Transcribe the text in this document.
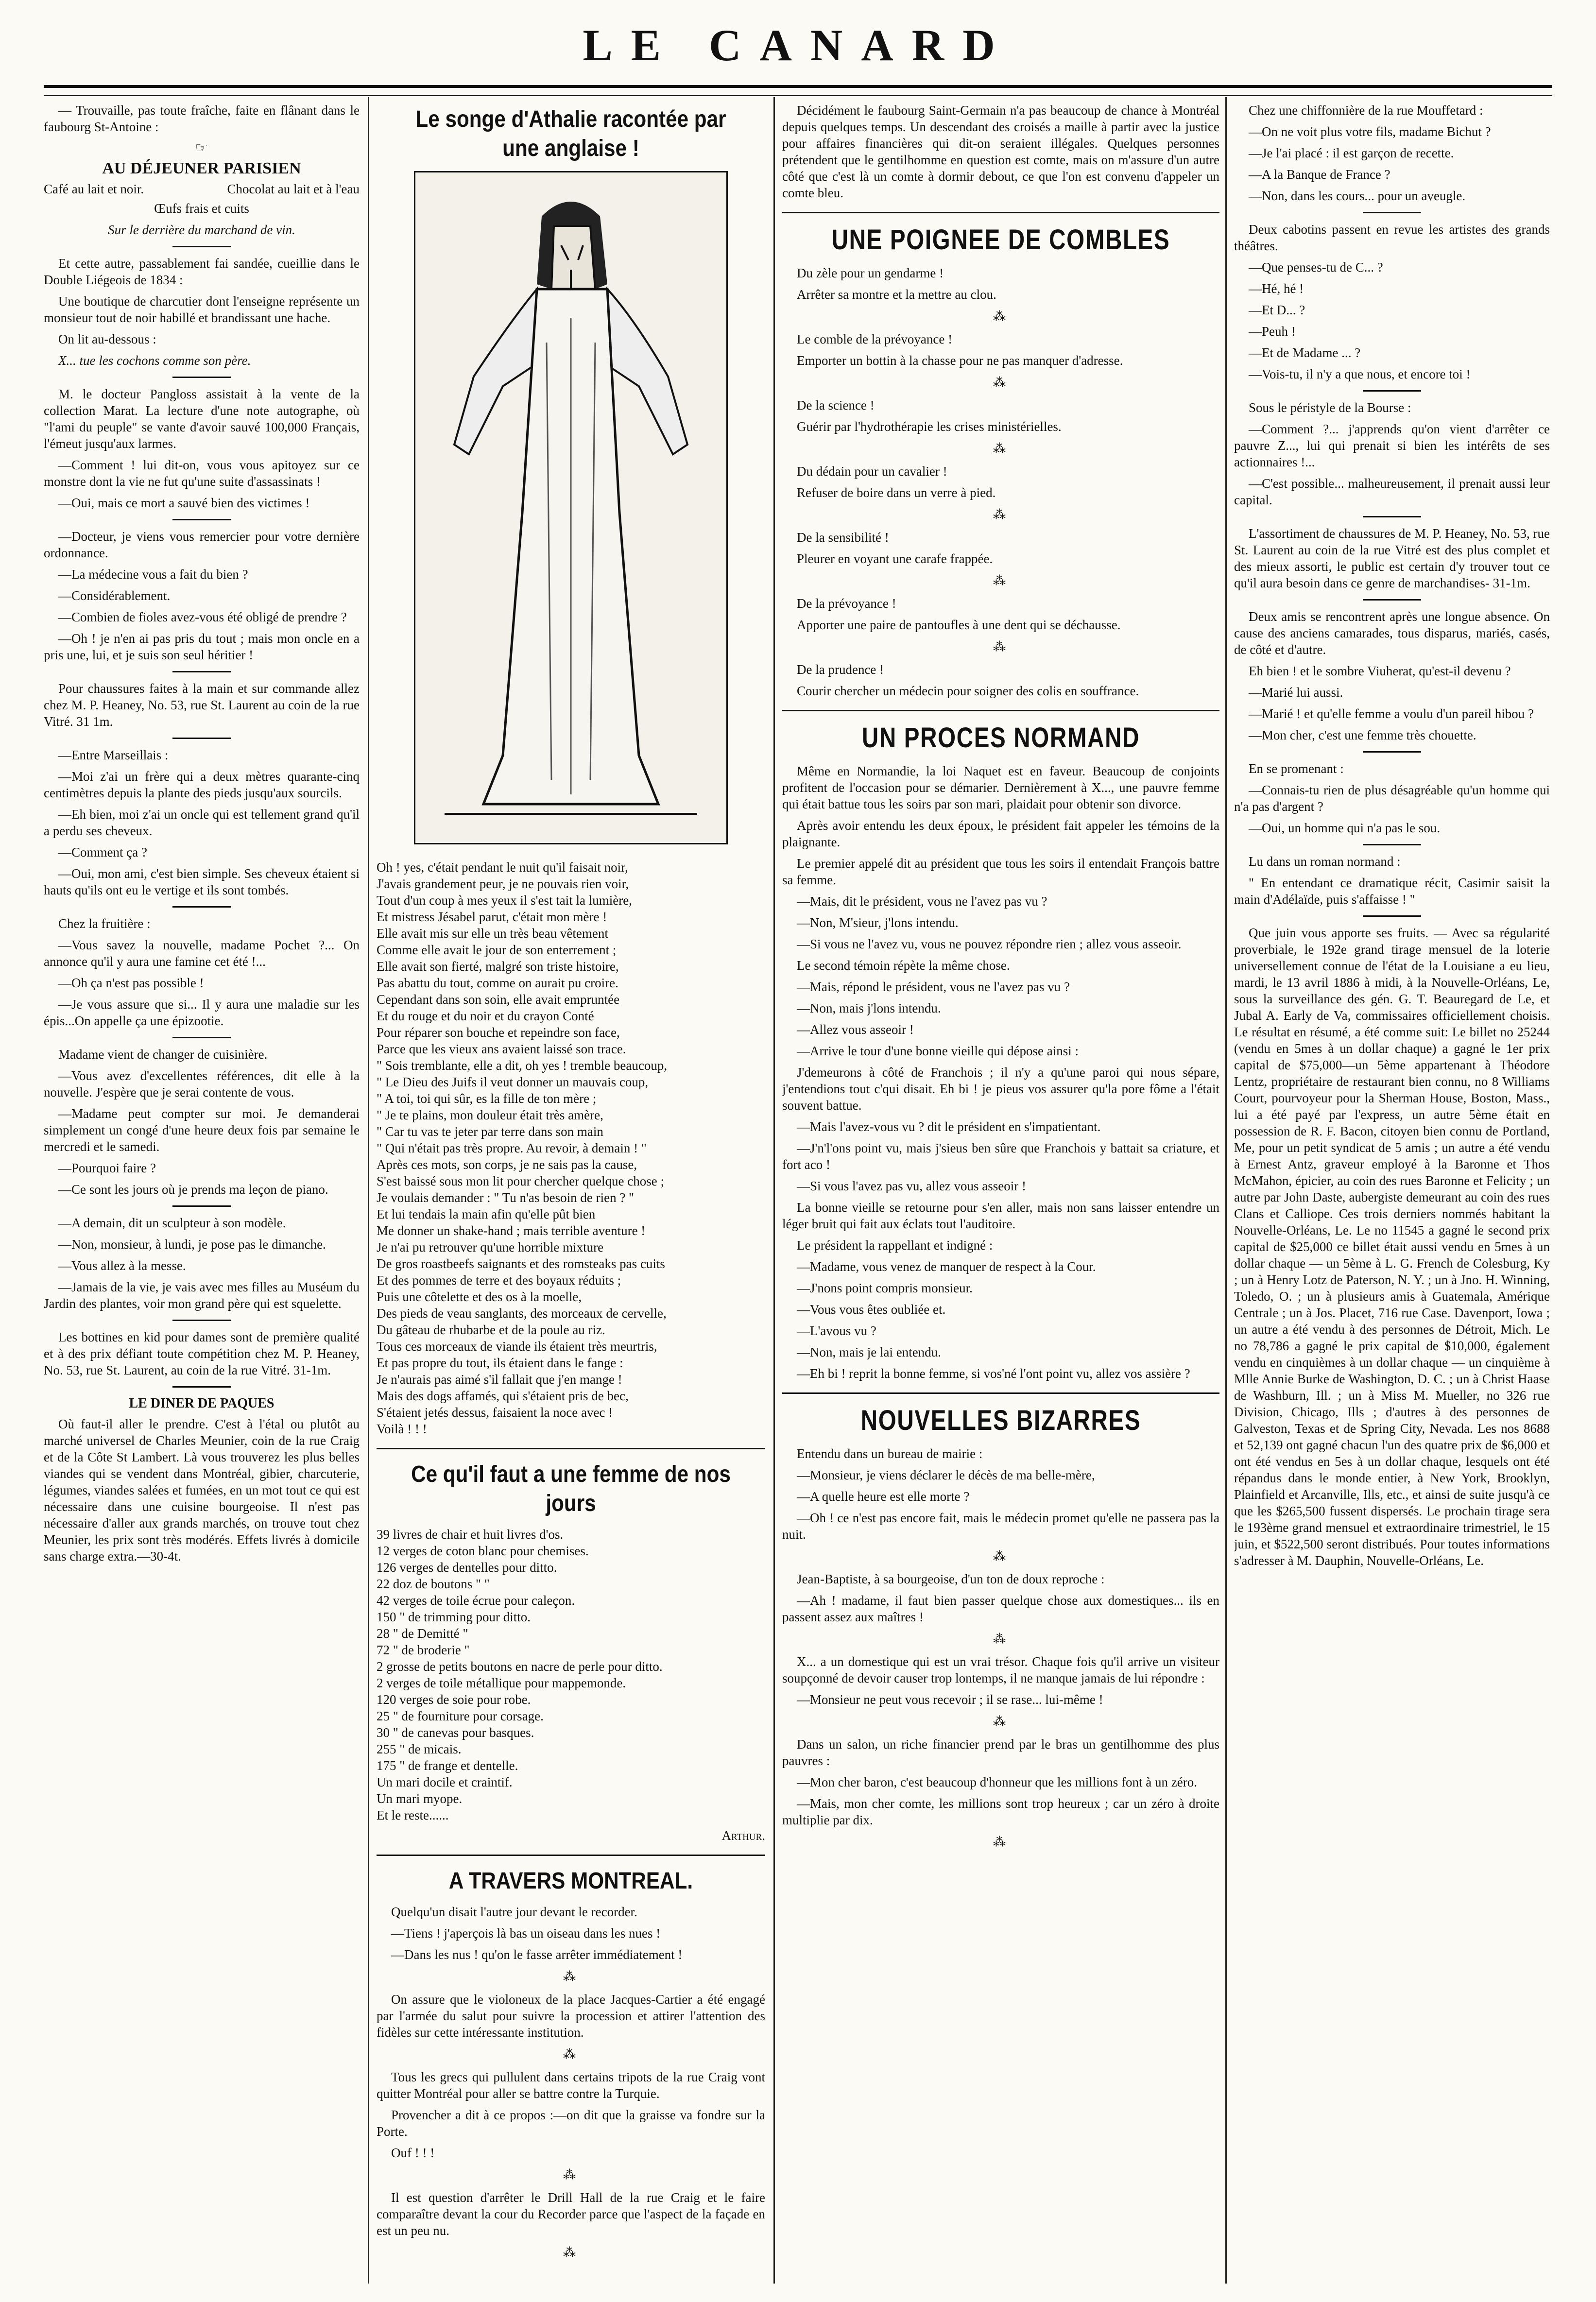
LE CANARD

— Trouvaille, pas toute fraîche, faite en flânant dans le faubourg St-Antoine :

☞
AU DÉJEUNER PARISIEN
Café au lait et noir.	Chocolat au lait et à l'eau

Œufs frais et cuits

Sur le derrière du marchand de vin.

Et cette autre, passablement fai sandée, cueillie dans le Double Liégeois de 1834 :

Une boutique de charcutier dont l'enseigne représente un monsieur tout de noir habillé et brandissant une hache.

On lit au-dessous :

X... tue les cochons comme son père.

M. le docteur Pangloss assistait à la vente de la collection Marat. La lecture d'une note autographe, où "l'ami du peuple" se vante d'avoir sauvé 100,000 Français, l'émeut jusqu'aux larmes.

—Comment ! lui dit-on, vous vous apitoyez sur ce monstre dont la vie ne fut qu'une suite d'assassinats !

—Oui, mais ce mort a sauvé bien des victimes !

—Docteur, je viens vous remercier pour votre dernière ordonnance.

—La médecine vous a fait du bien ?

—Considérablement.

—Combien de fioles avez-vous été obligé de prendre ?

—Oh ! je n'en ai pas pris du tout ; mais mon oncle en a pris une, lui, et je suis son seul héritier !

Pour chaussures faites à la main et sur commande allez chez M. P. Heaney, No. 53, rue St. Laurent au coin de la rue Vitré. 31 1m.

—Entre Marseillais :

—Moi z'ai un frère qui a deux mètres quarante-cinq centimètres depuis la plante des pieds jusqu'aux sourcils.

—Eh bien, moi z'ai un oncle qui est tellement grand qu'il a perdu ses cheveux.

—Comment ça ?

—Oui, mon ami, c'est bien simple. Ses cheveux étaient si hauts qu'ils ont eu le vertige et ils sont tombés.

Chez la fruitière :

—Vous savez la nouvelle, madame Pochet ?... On annonce qu'il y aura une famine cet été !...

—Oh ça n'est pas possible !

—Je vous assure que si... Il y aura une maladie sur les épis...On appelle ça une épizootie.

Madame vient de changer de cuisinière.

—Vous avez d'excellentes références, dit elle à la nouvelle. J'espère que je serai contente de vous.

—Madame peut compter sur moi. Je demanderai simplement un congé d'une heure deux fois par semaine le mercredi et le samedi.

—Pourquoi faire ?

—Ce sont les jours où je prends ma leçon de piano.

—A demain, dit un sculpteur à son modèle.

—Non, monsieur, à lundi, je pose pas le dimanche.

—Vous allez à la messe.

—Jamais de la vie, je vais avec mes filles au Muséum du Jardin des plantes, voir mon grand père qui est squelette.

Les bottines en kid pour dames sont de première qualité et à des prix défiant toute compétition chez M. P. Heaney, No. 53, rue St. Laurent, au coin de la rue Vitré. 31-1m.

LE DINER DE PAQUES

Où faut-il aller le prendre. C'est à l'étal ou plutôt au marché universel de Charles Meunier, coin de la rue Craig et de la Côte St Lambert. Là vous trouverez les plus belles viandes qui se vendent dans Montréal, gibier, charcuterie, légumes, viandes salées et fumées, en un mot tout ce qui est nécessaire dans une cuisine bourgeoise. Il n'est pas nécessaire d'aller aux grands marchés, on trouve tout chez Meunier, les prix sont très modérés. Effets livrés à domicile sans charge extra.—30-4t.

Le songe d'Athalie racontée par une anglaise !

Oh ! yes, c'était pendant le nuit qu'il faisait noir,

J'avais grandement peur, je ne pouvais rien voir,

Tout d'un coup à mes yeux il s'est tait la lumière,

Et mistress Jésabel parut, c'était mon mère !

Elle avait mis sur elle un très beau vêtement

Comme elle avait le jour de son enterrement ;

Elle avait son fierté, malgré son triste histoire,

Pas abattu du tout, comme on aurait pu croire.

Cependant dans son soin, elle avait empruntée

Et du rouge et du noir et du crayon Conté

Pour réparer son bouche et repeindre son face,

Parce que les vieux ans avaient laissé son trace.

" Sois tremblante, elle a dit, oh yes ! tremble beaucoup,

" Le Dieu des Juifs il veut donner un mauvais coup,

" A toi, toi qui sûr, es la fille de ton mère ;

" Je te plains, mon douleur était très amère,

" Car tu vas te jeter par terre dans son main

" Qui n'était pas très propre. Au revoir, à demain ! "

Après ces mots, son corps, je ne sais pas la cause,

S'est baissé sous mon lit pour chercher quelque chose ;

Je voulais demander : " Tu n'as besoin de rien ? "

Et lui tendais la main afin qu'elle pût bien

Me donner un shake-hand ; mais terrible aventure !

Je n'ai pu retrouver qu'une horrible mixture

De gros roastbeefs saignants et des romsteaks pas cuits

Et des pommes de terre et des boyaux réduits ;

Puis une côtelette et des os à la moelle,

Des pieds de veau sanglants, des morceaux de cervelle,

Du gâteau de rhubarbe et de la poule au riz.

Tous ces morceaux de viande ils étaient très meurtris,

Et pas propre du tout, ils étaient dans le fange :

Je n'aurais pas aimé s'il fallait que j'en mange !

Mais des dogs affamés, qui s'étaient pris de bec,

S'étaient jetés dessus, faisaient la noce avec !

Voilà ! ! !

Ce qu'il faut a une femme de nos jours

39 livres de chair et huit livres d'os.

12 verges de coton blanc pour chemises.

126 verges de dentelles pour ditto.

22 doz de boutons " "

42 verges de toile écrue pour caleçon.

150 " de trimming pour ditto.

28 " de Demitté "

72 " de broderie "

2 grosse de petits boutons en nacre de perle pour ditto.

2 verges de toile métallique pour mappemonde.

120 verges de soie pour robe.

25 " de fourniture pour corsage.

30 " de canevas pour basques.

255 " de micais.

175 " de frange et dentelle.

Un mari docile et craintif.

Un mari myope.

Et le reste......

Arthur.

A TRAVERS MONTREAL.

Quelqu'un disait l'autre jour devant le recorder.

—Tiens ! j'aperçois là bas un oiseau dans les nues !

—Dans les nus ! qu'on le fasse arrêter immédiatement !

⁂

On assure que le violoneux de la place Jacques-Cartier a été engagé par l'armée du salut pour suivre la procession et attirer l'attention des fidèles sur cette intéressante institution.

⁂

Tous les grecs qui pullulent dans certains tripots de la rue Craig vont quitter Montréal pour aller se battre contre la Turquie.

Provencher a dit à ce propos :—on dit que la graisse va fondre sur la Porte.

Ouf ! ! !

⁂

Il est question d'arrêter le Drill Hall de la rue Craig et le faire comparaître devant la cour du Recorder parce que l'aspect de la façade en est un peu nu.

⁂

Décidément le faubourg Saint-Germain n'a pas beaucoup de chance à Montréal depuis quelques temps. Un descendant des croisés a maille à partir avec la justice pour affaires financières qui dit-on seraient illégales. Quelques personnes prétendent que le gentilhomme en question est comte, mais on m'assure d'un autre côté que c'est là un comte à dormir debout, ce que l'on est convenu d'appeler un comte bleu.

UNE POIGNEE DE COMBLES

Du zèle pour un gendarme !

Arrêter sa montre et la mettre au clou.

⁂

Le comble de la prévoyance !

Emporter un bottin à la chasse pour ne pas manquer d'adresse.

⁂

De la science !

Guérir par l'hydrothérapie les crises ministérielles.

⁂

Du dédain pour un cavalier !

Refuser de boire dans un verre à pied.

⁂

De la sensibilité !

Pleurer en voyant une carafe frappée.

⁂

De la prévoyance !

Apporter une paire de pantoufles à une dent qui se déchausse.

⁂

De la prudence !

Courir chercher un médecin pour soigner des colis en souffrance.

UN PROCES NORMAND

Même en Normandie, la loi Naquet est en faveur. Beaucoup de conjoints profitent de l'occasion pour se démarier. Dernièrement à X..., une pauvre femme qui était battue tous les soirs par son mari, plaidait pour obtenir son divorce.

Après avoir entendu les deux époux, le président fait appeler les témoins de la plaignante.

Le premier appelé dit au président que tous les soirs il entendait François battre sa femme.

—Mais, dit le président, vous ne l'avez pas vu ?

—Non, M'sieur, j'lons intendu.

—Si vous ne l'avez vu, vous ne pouvez répondre rien ; allez vous asseoir.

Le second témoin répète la même chose.

—Mais, répond le président, vous ne l'avez pas vu ?

—Non, mais j'lons intendu.

—Allez vous asseoir !

—Arrive le tour d'une bonne vieille qui dépose ainsi :

J'demeurons à côté de Franchois ; il n'y a qu'une paroi qui nous sépare, j'entendions tout c'qui disait. Eh bi ! je pieus vos assurer qu'la pore fôme a l'était souvent battue.

—Mais l'avez-vous vu ? dit le président en s'impatientant.

—J'n'l'ons point vu, mais j'sieus ben sûre que Franchois y battait sa criature, et fort aco !

—Si vous l'avez pas vu, allez vous asseoir !

La bonne vieille se retourne pour s'en aller, mais non sans laisser entendre un léger bruit qui fait aux éclats tout l'auditoire.

Le président la rappellant et indigné :

—Madame, vous venez de manquer de respect à la Cour.

—J'nons point compris monsieur.

—Vous vous êtes oubliée et.

—L'avous vu ?

—Non, mais je lai entendu.

—Eh bi ! reprit la bonne femme, si vos'né l'ont point vu, allez vos assière ?

NOUVELLES BIZARRES

Entendu dans un bureau de mairie :

—Monsieur, je viens déclarer le décès de ma belle-mère,

—A quelle heure est elle morte ?

—Oh ! ce n'est pas encore fait, mais le médecin promet qu'elle ne passera pas la nuit.

⁂

Jean-Baptiste, à sa bourgeoise, d'un ton de doux reproche :

—Ah ! madame, il faut bien passer quelque chose aux domestiques... ils en passent assez aux maîtres !

⁂

X... a un domestique qui est un vrai trésor. Chaque fois qu'il arrive un visiteur soupçonné de devoir causer trop lontemps, il ne manque jamais de lui répondre :

—Monsieur ne peut vous recevoir ; il se rase... lui-même !

⁂

Dans un salon, un riche financier prend par le bras un gentilhomme des plus pauvres :

—Mon cher baron, c'est beaucoup d'honneur que les millions font à un zéro.

—Mais, mon cher comte, les millions sont trop heureux ; car un zéro à droite multiplie par dix.

⁂

Chez une chiffonnière de la rue Mouffetard :

—On ne voit plus votre fils, madame Bichut ?

—Je l'ai placé : il est garçon de recette.

—A la Banque de France ?

—Non, dans les cours... pour un aveugle.

Deux cabotins passent en revue les artistes des grands théâtres.

—Que penses-tu de C... ?

—Hé, hé !

—Et D... ?

—Peuh !

—Et de Madame ... ?

—Vois-tu, il n'y a que nous, et encore toi !

Sous le péristyle de la Bourse :

—Comment ?... j'apprends qu'on vient d'arrêter ce pauvre Z..., lui qui prenait si bien les intérêts de ses actionnaires !...

—C'est possible... malheureusement, il prenait aussi leur capital.

L'assortiment de chaussures de M. P. Heaney, No. 53, rue St. Laurent au coin de la rue Vitré est des plus complet et des mieux assorti, le public est certain d'y trouver tout ce qu'il aura besoin dans ce genre de marchandises- 31-1m.

Deux amis se rencontrent après une longue absence. On cause des anciens camarades, tous disparus, mariés, casés, de côté et d'autre.

Eh bien ! et le sombre Viuherat, qu'est-il devenu ?

—Marié lui aussi.

—Marié ! et qu'elle femme a voulu d'un pareil hibou ?

—Mon cher, c'est une femme très chouette.

En se promenant :

—Connais-tu rien de plus désagréable qu'un homme qui n'a pas d'argent ?

—Oui, un homme qui n'a pas le sou.

Lu dans un roman normand :

" En entendant ce dramatique récit, Casimir saisit la main d'Adélaïde, puis s'affaisse ! "

Que juin vous apporte ses fruits. — Avec sa régularité proverbiale, le 192e grand tirage mensuel de la loterie universellement connue de l'état de la Louisiane a eu lieu, mardi, le 13 avril 1886 à midi, à la Nouvelle-Orléans, Le, sous la surveillance des gén. G. T. Beauregard de Le, et Jubal A. Early de Va, commissaires officiellement choisis. Le résultat en résumé, a été comme suit: Le billet no 25244 (vendu en 5mes à un dollar chaque) a gagné le 1er prix capital de $75,000—un 5ème appartenant à Théodore Lentz, propriétaire de restaurant bien connu, no 8 Williams Court, pourvoyeur pour la Sherman House, Boston, Mass., lui a été payé par l'express, un autre 5ème était en possession de R. F. Bacon, citoyen bien connu de Portland, Me, pour un petit syndicat de 5 amis ; un autre a été vendu à Ernest Antz, graveur employé à la Baronne et Thos McMahon, épicier, au coin des rues Baronne et Felicity ; un autre par John Daste, aubergiste demeurant au coin des rues Clans et Calliope. Ces trois derniers nommés habitant la Nouvelle-Orléans, Le. Le no 11545 a gagné le second prix capital de $25,000 ce billet était aussi vendu en 5mes à un dollar chaque — un 5ème à L. G. French de Colesburg, Ky ; un à Henry Lotz de Paterson, N. Y. ; un à Jno. H. Winning, Toledo, O. ; un à plusieurs amis à Guatemala, Amérique Centrale ; un à Jos. Placet, 716 rue Case. Davenport, Iowa ; un autre a été vendu à des personnes de Détroit, Mich. Le no 78,786 a gagné le prix capital de $10,000, également vendu en cinquièmes à un dollar chaque — un cinquième à Mlle Annie Burke de Washington, D. C. ; un à Christ Haase de Washburn, Ill. ; un à Miss M. Mueller, no 326 rue Division, Chicago, Ills ; d'autres à des personnes de Galveston, Texas et de Spring City, Nevada. Les nos 8688 et 52,139 ont gagné chacun l'un des quatre prix de $6,000 et ont été vendus en 5es à un dollar chaque, lesquels ont été répandus dans le monde entier, à New York, Brooklyn, Plainfield et Arcanville, Ills, etc., et ainsi de suite jusqu'à ce que les $265,500 fussent dispersés. Le prochain tirage sera le 193ème grand mensuel et extraordinaire trimestriel, le 15 juin, et $522,500 seront distribués. Pour toutes informations s'adresser à M. Dauphin, Nouvelle-Orléans, Le.
